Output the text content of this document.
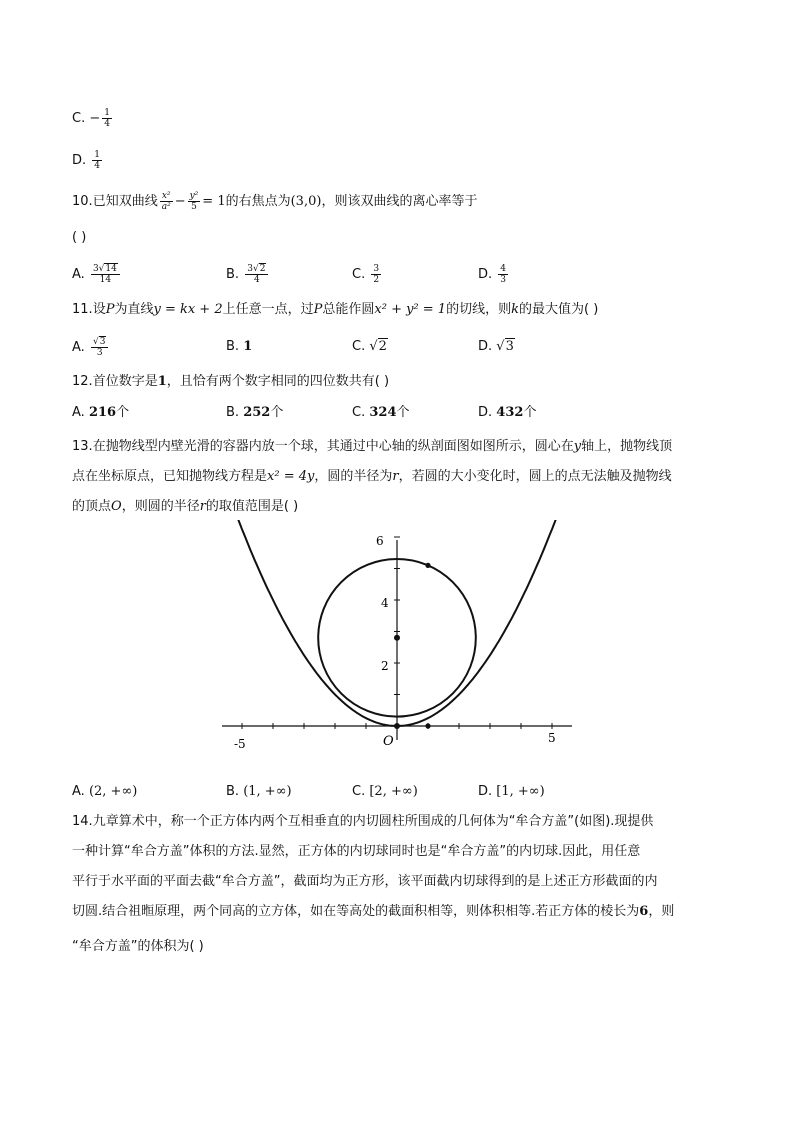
C. − $\frac{1}{4}$
D. $\frac{1}{4}$
10.已知双曲线 $\frac{\text{x²}}{\text{a²}} - \frac{\text{y²}}{5} = 1$的右焦点为(3,0)，则该双曲线的离心率等于
( )
A. $\frac{3√14}{14}$	B. $\frac{3√2}{4}$	C. $\frac{3}{2}$	D. $\frac{4}{3}$
11.设P为直线y = kx + 2上任意一点，过P总能作圆x² + y² = 1的切线，则k的最大值为( )
A. $\frac{√3}{3}$	B. 1	C. √2	D. √3
12.首位数字是1，且恰有两个数字相同的四位数共有( )
A. 216个	B. 252个	C. 324个	D. 432个
13.在抛物线型内壁光滑的容器内放一个球，其通过中心轴的纵剖面图如图所示，圆心在y轴上，抛物线顶
点在坐标原点，已知抛物线方程是x² = 4y，圆的半径为r，若圆的大小变化时，圆上的点无法触及抛物线
的顶点O，则圆的半径r的取值范围是( )
6
4
2
-5	5
O
A. (2, +∞)	B. (1, +∞)	C. [2, +∞)	D. [1, +∞)
14.九章算术中，称一个正方体内两个互相垂直的内切圆柱所围成的几何体为“牟合方盖”(如图).现提供
一种计算“牟合方盖”体积的方法.显然，正方体的内切球同时也是“牟合方盖”的内切球.因此，用任意
平行于水平面的平面去截“牟合方盖”，截面均为正方形，该平面截内切球得到的是上述正方形截面的内
切圆.结合祖暅原理，两个同高的立方体，如在等高处的截面积相等，则体积相等.若正方体的棱长为6，则
“牟合方盖”的体积为( )
